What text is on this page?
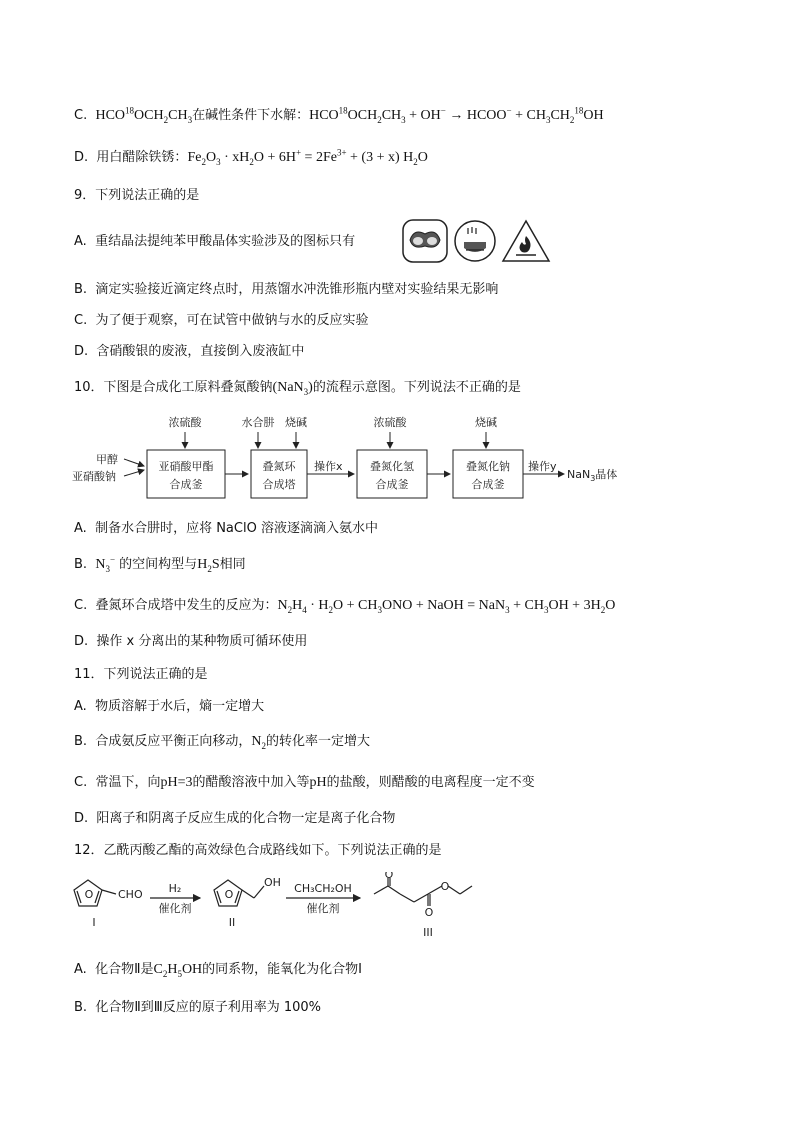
C. $HCO^{18}OCH_2CH_3$在碱性条件下水解：$HCO^{18}OCH_2CH_3 + OH^-$ → HCOO− + $CH_3CH_2^{18}OH$
D. 用白醋除铁锈：$Fe_2O_3 \cdot xH_2O + 6H^+ = 2Fe^{3+} + (3 + x)$ $H_2O$
9．下列说法正确的是
A. 重结晶法提纯苯甲酸晶体实验涉及的图标只有
B. 滴定实验接近滴定终点时，用蒸馏水冲洗锥形瓶内壁对实验结果无影响
C. 为了便于观察，可在试管中做钠与水的反应实验
D. 含硝酸银的废液，直接倒入废液缸中
10．下图是合成化工原料叠氮酸钠(NaN$_3$)的流程示意图。下列说法不正确的是
浓硫酸	水合肼 烧碱	浓硫酸	烧碱
甲醇
亚硝酸钠
亚硝酸甲酯
合成釜
叠氮环
合成塔
操作x 叠氮化氢
合成釜
叠氮化钠
合成釜
操作y
NaN$_3$晶体
A. 制备水合肼时，应将 NaClO 溶液逐滴滴入氨水中
B. $N_3^-$ 的空间构型与$H_2S$相同
C. 叠氮环合成塔中发生的反应为：$N_2H_4 \cdot H_2O + CH_3ONO$ + NaOH = $NaN_3 + CH_3OH + 3H_2O$
D. 操作 x 分离出的某种物质可循环使用
11．下列说法正确的是
A. 物质溶解于水后，熵一定增大
B. 合成氨反应平衡正向移动，$N_2$的转化率一定增大
C. 常温下，向pH=3的醋酸溶液中加入等pH的盐酸，则醋酸的电离程度一定不变
D. 阳离子和阴离子反应生成的化合物一定是离子化合物
12．乙酰丙酸乙酯的高效绿色合成路线如下。下列说法正确的是
O CHO	O
OH
H₂
催化剂
CH₃CH₂OH
催化剂
O
O
O
I	II
III
A. 化合物Ⅱ是$C_2H_5OH$的同系物，能氧化为化合物Ⅰ
B. 化合物Ⅱ到Ⅲ反应的原子利用率为 100%
